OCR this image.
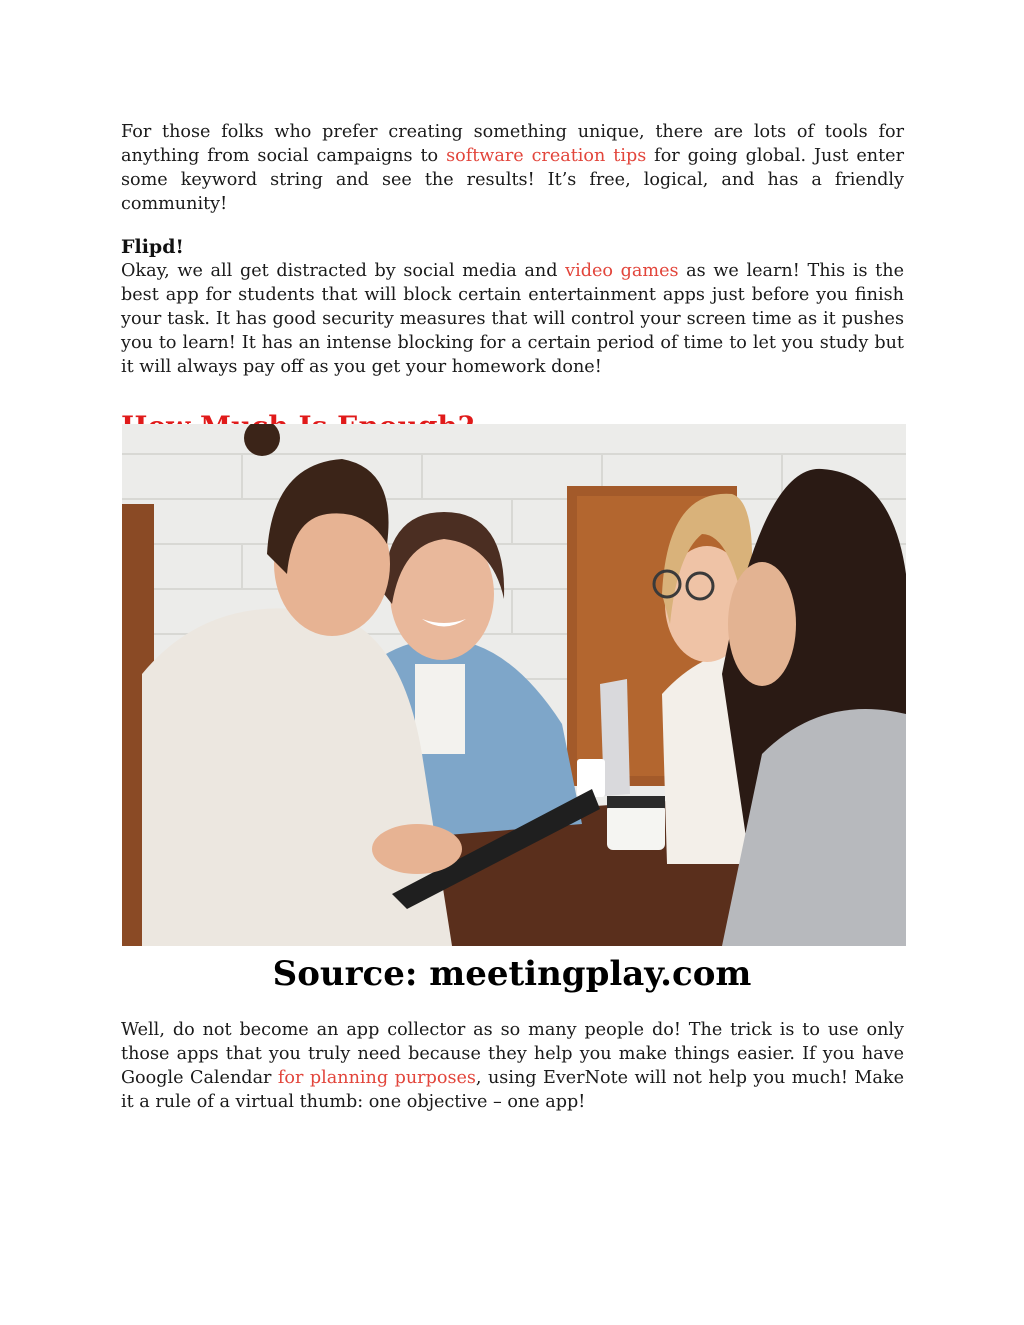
For those folks who prefer creating something unique, there are lots of tools for anything from social campaigns to software creation tips for going global. Just enter some keyword string and see the results! It’s free, logical, and has a friendly community!

Flipd!

Okay, we all get distracted by social media and video games as we learn! This is the best app for students that will block certain entertainment apps just before you finish your task. It has good security measures that will control your screen time as it pushes you to learn! It has an intense blocking for a certain period of time to let you study but it will always pay off as you get your homework done!

Source: meetingplay.com

Well, do not become an app collector as so many people do! The trick is to use only those apps that you truly need because they help you make things easier. If you have Google Calendar for planning purposes, using EverNote will not help you much! Make it a rule of a virtual thumb: one objective – one app!
